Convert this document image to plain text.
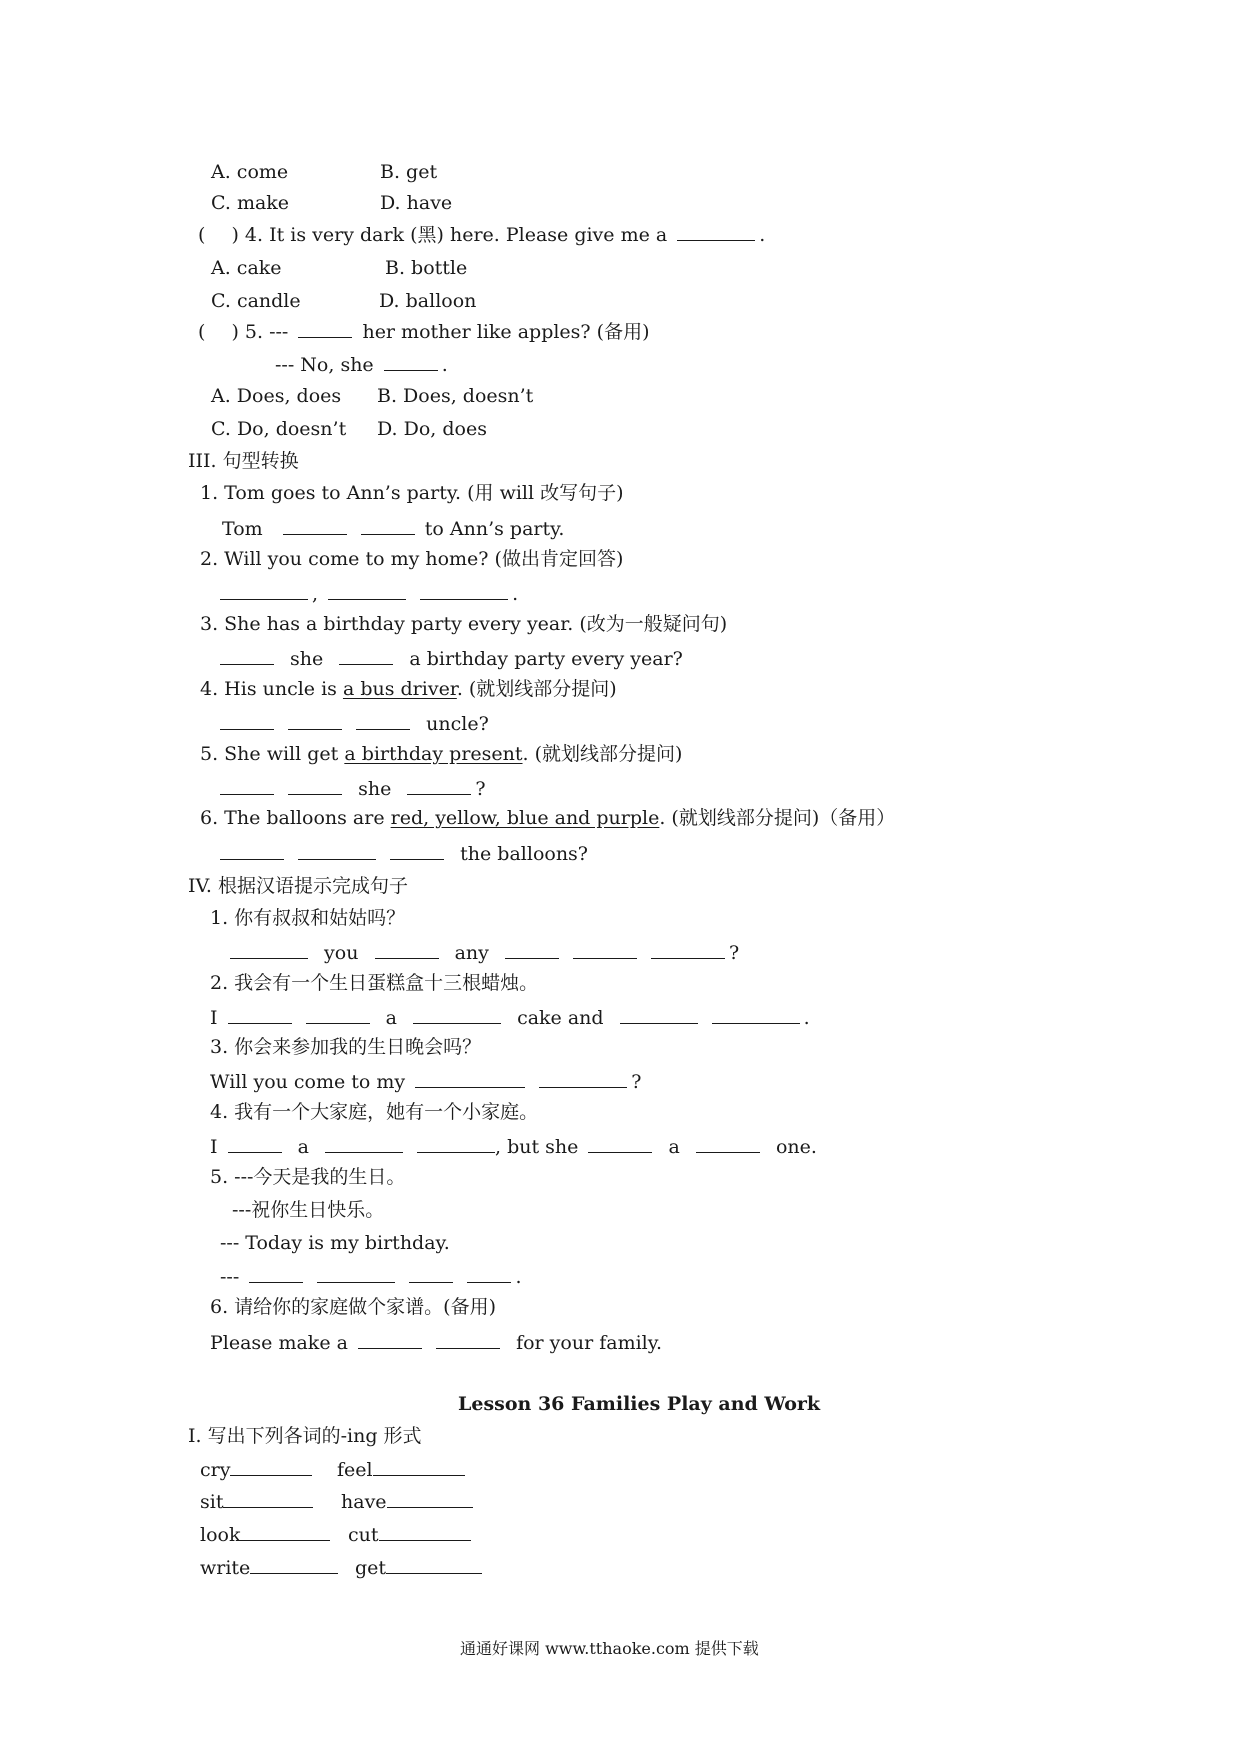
A. come	B. get
C. make	D. have
( ) 4. It is very dark (黑) here. Please give me a	.
A. cake	B. bottle
C. candle	D. balloon
( ) 5. ---	her mother like apples? (备用)
--- No, she	.
A. Does, does B. Does, doesn’t
C. Do, doesn’t D. Do, does
III. 句型转换
1. Tom goes to Ann’s party. (用 will 改写句子)
Tom	to Ann’s party.
2. Will you come to my home? (做出肯定回答)
,	.
3. She has a birthday party every year. (改为一般疑问句)
she	a birthday party every year?
4. His uncle is a bus driver. (就划线部分提问)
uncle?
5. She will get a birthday present. (就划线部分提问)
she	?
6. The balloons are red, yellow, blue and purple. (就划线部分提问)（备用）
the balloons?
IV. 根据汉语提示完成句子
1. 你有叔叔和姑姑吗？
you	any	?
2. 我会有一个生日蛋糕盒十三根蜡烛。
I	a	cake and	.
3. 你会来参加我的生日晚会吗？
Will you come to my	?
4. 我有一个大家庭，她有一个小家庭。
I	a	, but she	a	one.
5. ---今天是我的生日。
---祝你生日快乐。
--- Today is my birthday.
---	.
6. 请给你的家庭做个家谱。(备用)
Please make a	for your family.
Lesson 36 Families Play and Work
I. 写出下列各词的-ing 形式
cry	feel
sit	have
look	cut
write	get
通通好课网 www.tthaoke.com 提供下载
